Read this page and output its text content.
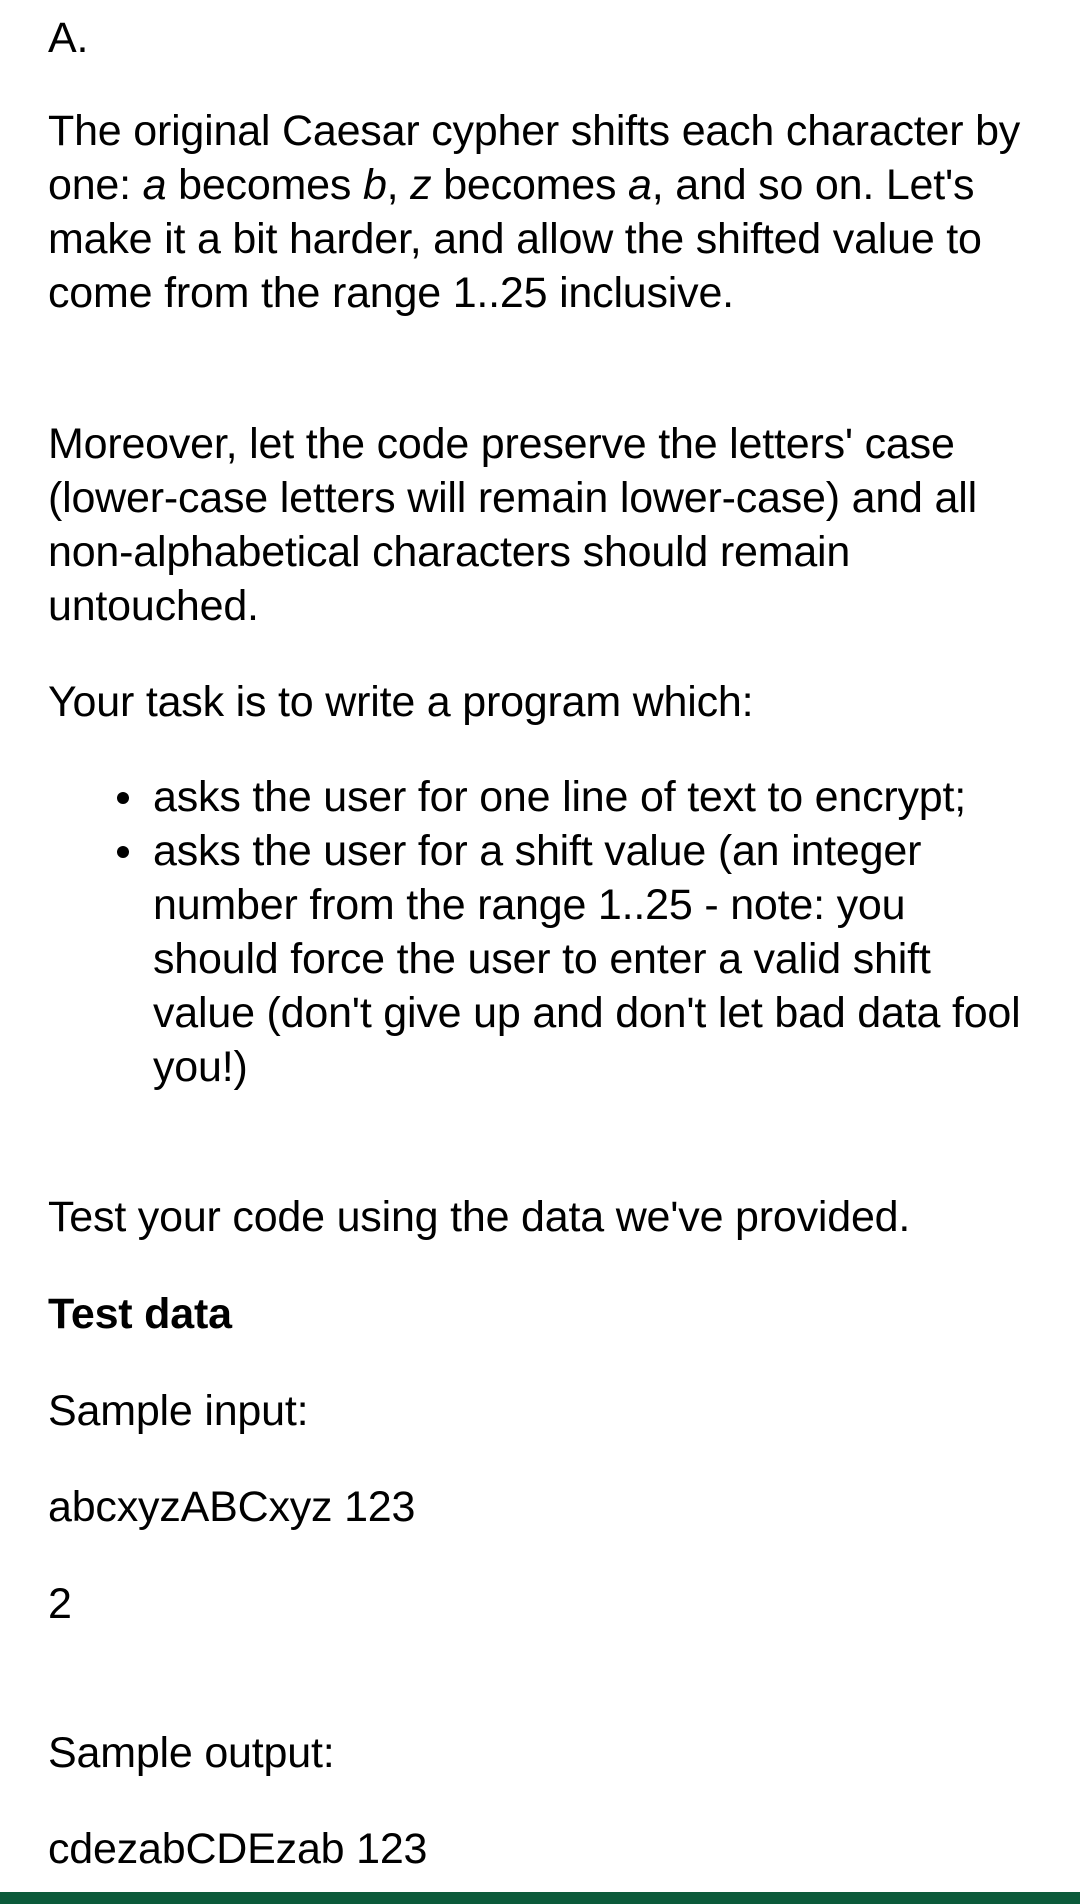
A.

The original Caesar cypher shifts each character by one: a becomes b, z becomes a, and so on. Let's make it a bit harder, and allow the shifted value to come from the range 1..25 inclusive.

Moreover, let the code preserve the letters' case (lower-case letters will remain lower-case) and all non-alphabetical characters should remain untouched.

Your task is to write a program which:

asks the user for one line of text to encrypt;
asks the user for a shift value (an integer number from the range 1..25 - note: you should force the user to enter a valid shift value (don't give up and don't let bad data fool you!)

Test your code using the data we've provided.

Test data

Sample input:

abcxyzABCxyz 123

2

Sample output:

cdezabCDEzab 123
